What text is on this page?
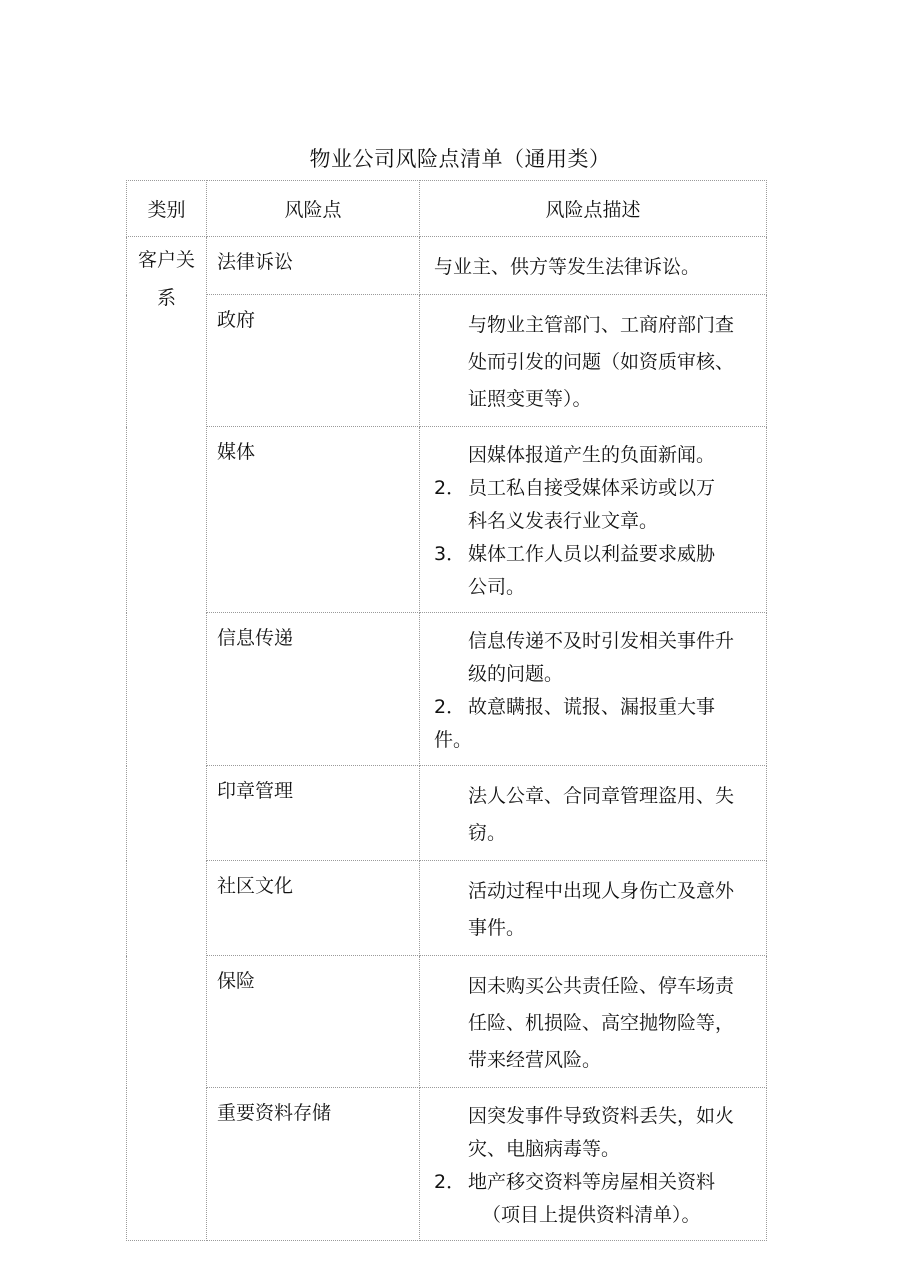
物业公司风险点清单（通用类）
类别	风险点	风险点描述

客户关系	法律诉讼	与业主、供方等发生法律诉讼。

	政府	与物业主管部门、工商府部门查
处而引发的问题（如资质审核、
证照变更等）。

	媒体	因媒体报道产生的负面新闻。
2． 员工私自接受媒体采访或以万
科名义发表行业文章。
3． 媒体工作人员以利益要求威胁
公司。

	信息传递	信息传递不及时引发相关事件升
级的问题。
2． 故意瞒报、谎报、漏报重大事
件。

	印章管理	法人公章、合同章管理盗用、失
窃。

	社区文化	活动过程中出现人身伤亡及意外
事件。

	保险	因未购买公共责任险、停车场责
任险、机损险、高空抛物险等，
带来经营风险。

	重要资料存储	因突发事件导致资料丢失，如火
灾、电脑病毒等。
2． 地产移交资料等房屋相关资料
（项目上提供资料清单）。
